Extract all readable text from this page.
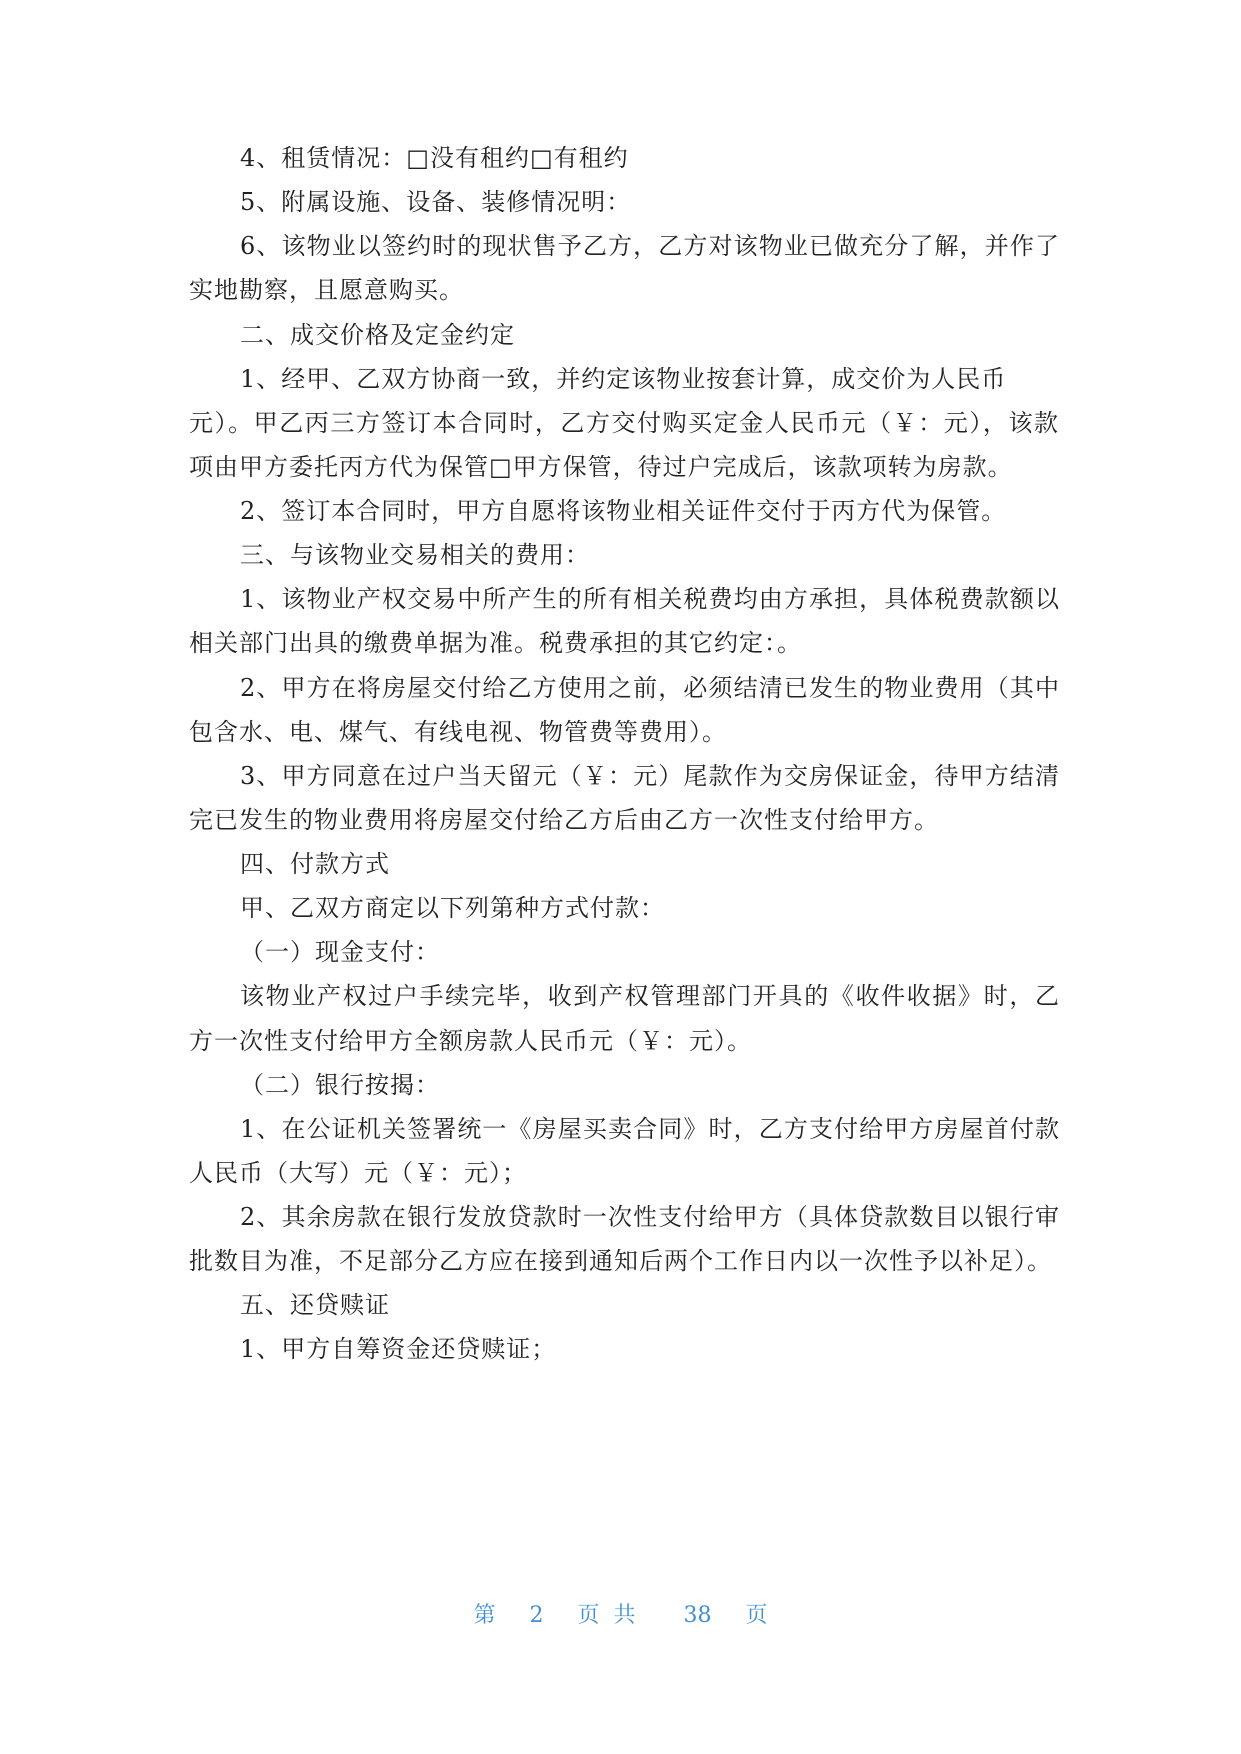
4、租赁情况：□没有租约□有租约
5、附属设施、设备、装修情况明：
6、该物业以签约时的现状售予乙方，乙方对该物业已做充分了解，并作了
实地勘察，且愿意购买。
二、成交价格及定金约定
1、经甲、乙双方协商一致，并约定该物业按套计算，成交价为人民币
元）。甲乙丙三方签订本合同时，乙方交付购买定金人民币元（￥：元），该款
项由甲方委托丙方代为保管□甲方保管，待过户完成后，该款项转为房款。
2、签订本合同时，甲方自愿将该物业相关证件交付于丙方代为保管。
三、与该物业交易相关的费用：
1、该物业产权交易中所产生的所有相关税费均由方承担，具体税费款额以
相关部门出具的缴费单据为准。税费承担的其它约定：。
2、甲方在将房屋交付给乙方使用之前，必须结清已发生的物业费用（其中
包含水、电、煤气、有线电视、物管费等费用）。
3、甲方同意在过户当天留元（￥：元）尾款作为交房保证金，待甲方结清
完已发生的物业费用将房屋交付给乙方后由乙方一次性支付给甲方。
四、付款方式
甲、乙双方商定以下列第种方式付款：
（一）现金支付：
该物业产权过户手续完毕，收到产权管理部门开具的《收件收据》时，乙
方一次性支付给甲方全额房款人民币元（￥：元）。
（二）银行按揭：
1、在公证机关签署统一《房屋买卖合同》时，乙方支付给甲方房屋首付款
人民币（大写）元（￥：元）；
2、其余房款在银行发放贷款时一次性支付给甲方（具体贷款数目以银行审
批数目为准，不足部分乙方应在接到通知后两个工作日内以一次性予以补足）。
五、还贷赎证
1、甲方自筹资金还贷赎证；
第 2 页共 38 页
